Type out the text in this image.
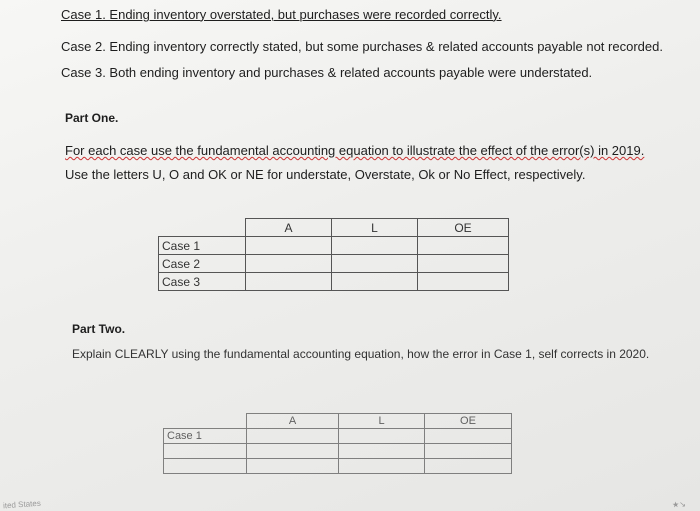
Case 1. Ending inventory overstated, but purchases were recorded correctly.
Case 2. Ending inventory correctly stated, but some purchases & related accounts payable not recorded.
Case 3. Both ending inventory and purchases & related accounts payable were understated.
Part One.
For each case use the fundamental accounting equation to illustrate the effect of the error(s) in 2019.
Use the letters U, O and OK or NE for understate, Overstate, Ok or No Effect, respectively.
	A	L	OE
Case 1			
Case 2			
Case 3			
Part Two.
Explain CLEARLY using the fundamental accounting equation, how the error in Case 1, self corrects in 2020.
	A	L	OE
Case 1			

ited States	★↘
